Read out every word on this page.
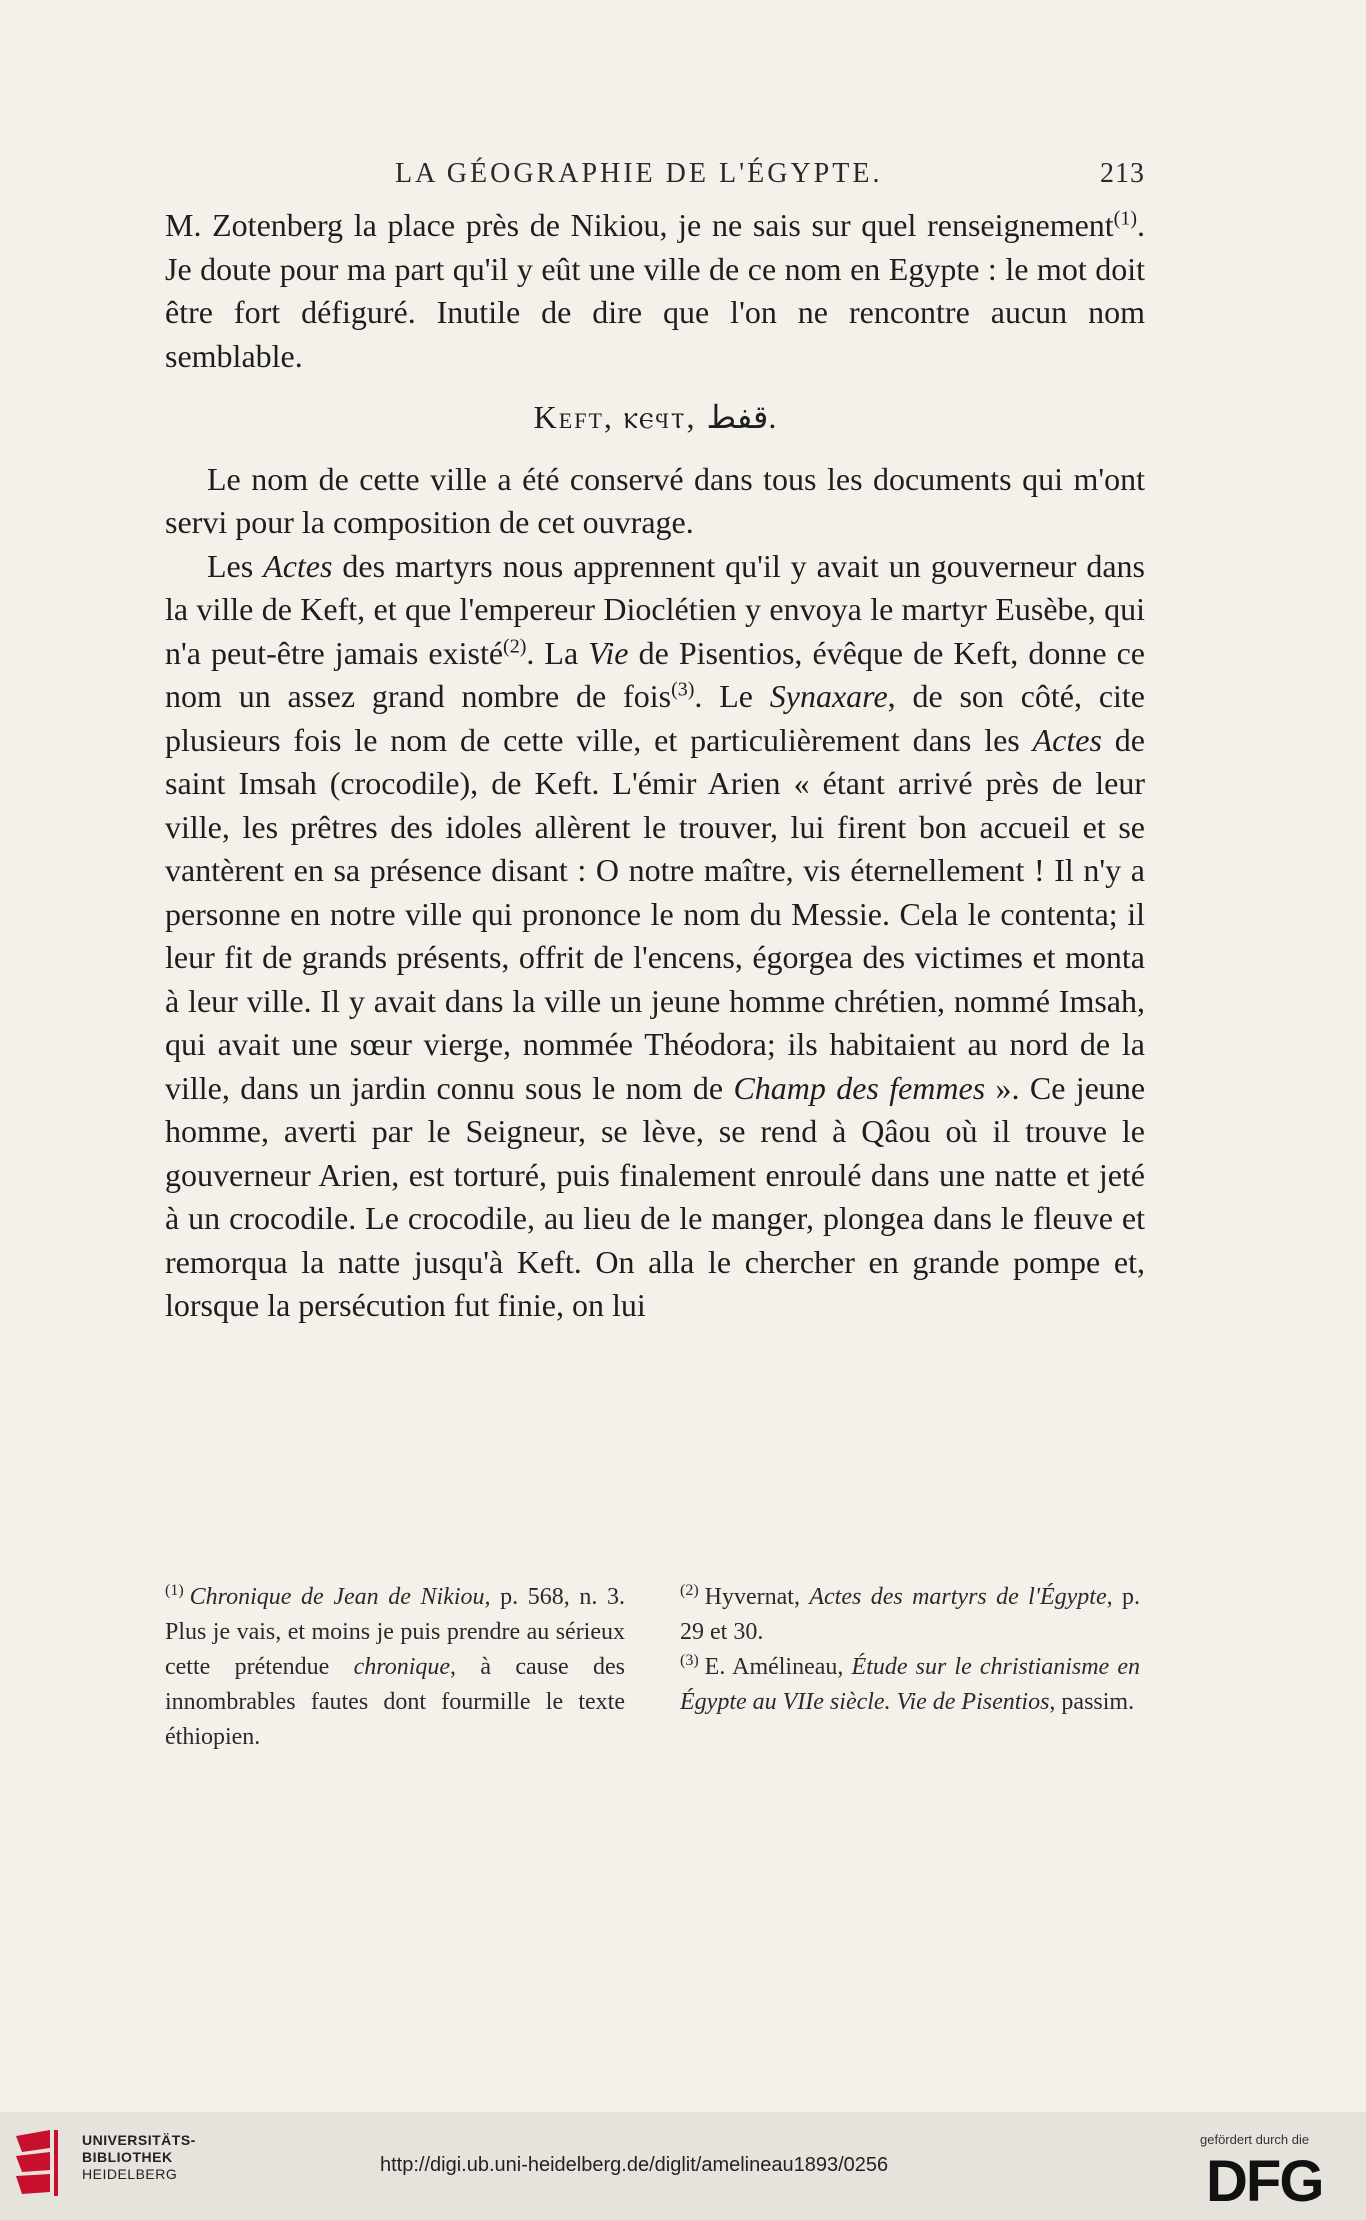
LA GÉOGRAPHIE DE L'ÉGYPTE.	213

M. Zotenberg la place près de Nikiou, je ne sais sur quel renseignement$^{(1)}$. Je doute pour ma part qu'il y eût une ville de ce nom en Egypte : le mot doit être fort défiguré. Inutile de dire que l'on ne rencontre aucun nom semblable.

Keft, ⲕⲉϥⲧ, ﻗﻔﻂ.

Le nom de cette ville a été conservé dans tous les documents qui m'ont servi pour la composition de cet ouvrage.

Les Actes des martyrs nous apprennent qu'il y avait un gouverneur dans la ville de Keft, et que l'empereur Dioclétien y envoya le martyr Eusèbe, qui n'a peut-être jamais existé$^{(2)}$. La Vie de Pisentios, évêque de Keft, donne ce nom un assez grand nombre de fois$^{(3)}$. Le Synaxare, de son côté, cite plusieurs fois le nom de cette ville, et particulièrement dans les Actes de saint Imsah (crocodile), de Keft. L'émir Arien « étant arrivé près de leur ville, les prêtres des idoles allèrent le trouver, lui firent bon accueil et se vantèrent en sa présence disant : O notre maître, vis éternellement ! Il n'y a personne en notre ville qui prononce le nom du Messie. Cela le contenta; il leur fit de grands présents, offrit de l'encens, égorgea des victimes et monta à leur ville. Il y avait dans la ville un jeune homme chrétien, nommé Imsah, qui avait une sœur vierge, nommée Théodora; ils habitaient au nord de la ville, dans un jardin connu sous le nom de Champ des femmes ». Ce jeune homme, averti par le Seigneur, se lève, se rend à Qâou où il trouve le gouverneur Arien, est torturé, puis finalement enroulé dans une natte et jeté à un crocodile. Le crocodile, au lieu de le manger, plongea dans le fleuve et remorqua la natte jusqu'à Keft. On alla le chercher en grande pompe et, lorsque la persécution fut finie, on lui

$^{(1)}$ Chronique de Jean de Nikiou, p. 568, n. 3. Plus je vais, et moins je puis prendre au sérieux cette prétendue chronique, à cause des innombrables fautes dont fourmille le texte éthiopien.

$^{(2)}$ Hyvernat, Actes des martyrs de l'Égypte, p. 29 et 30.

$^{(3)}$ E. Amélineau, Étude sur le christianisme en Égypte au VIIe siècle. Vie de Pisentios, passim.

UNIVERSITÄTS-
BIBLIOTHEK
HEIDELBERG	http://digi.ub.uni-heidelberg.de/diglit/amelineau1893/0256
gefördert durch die
DFG
